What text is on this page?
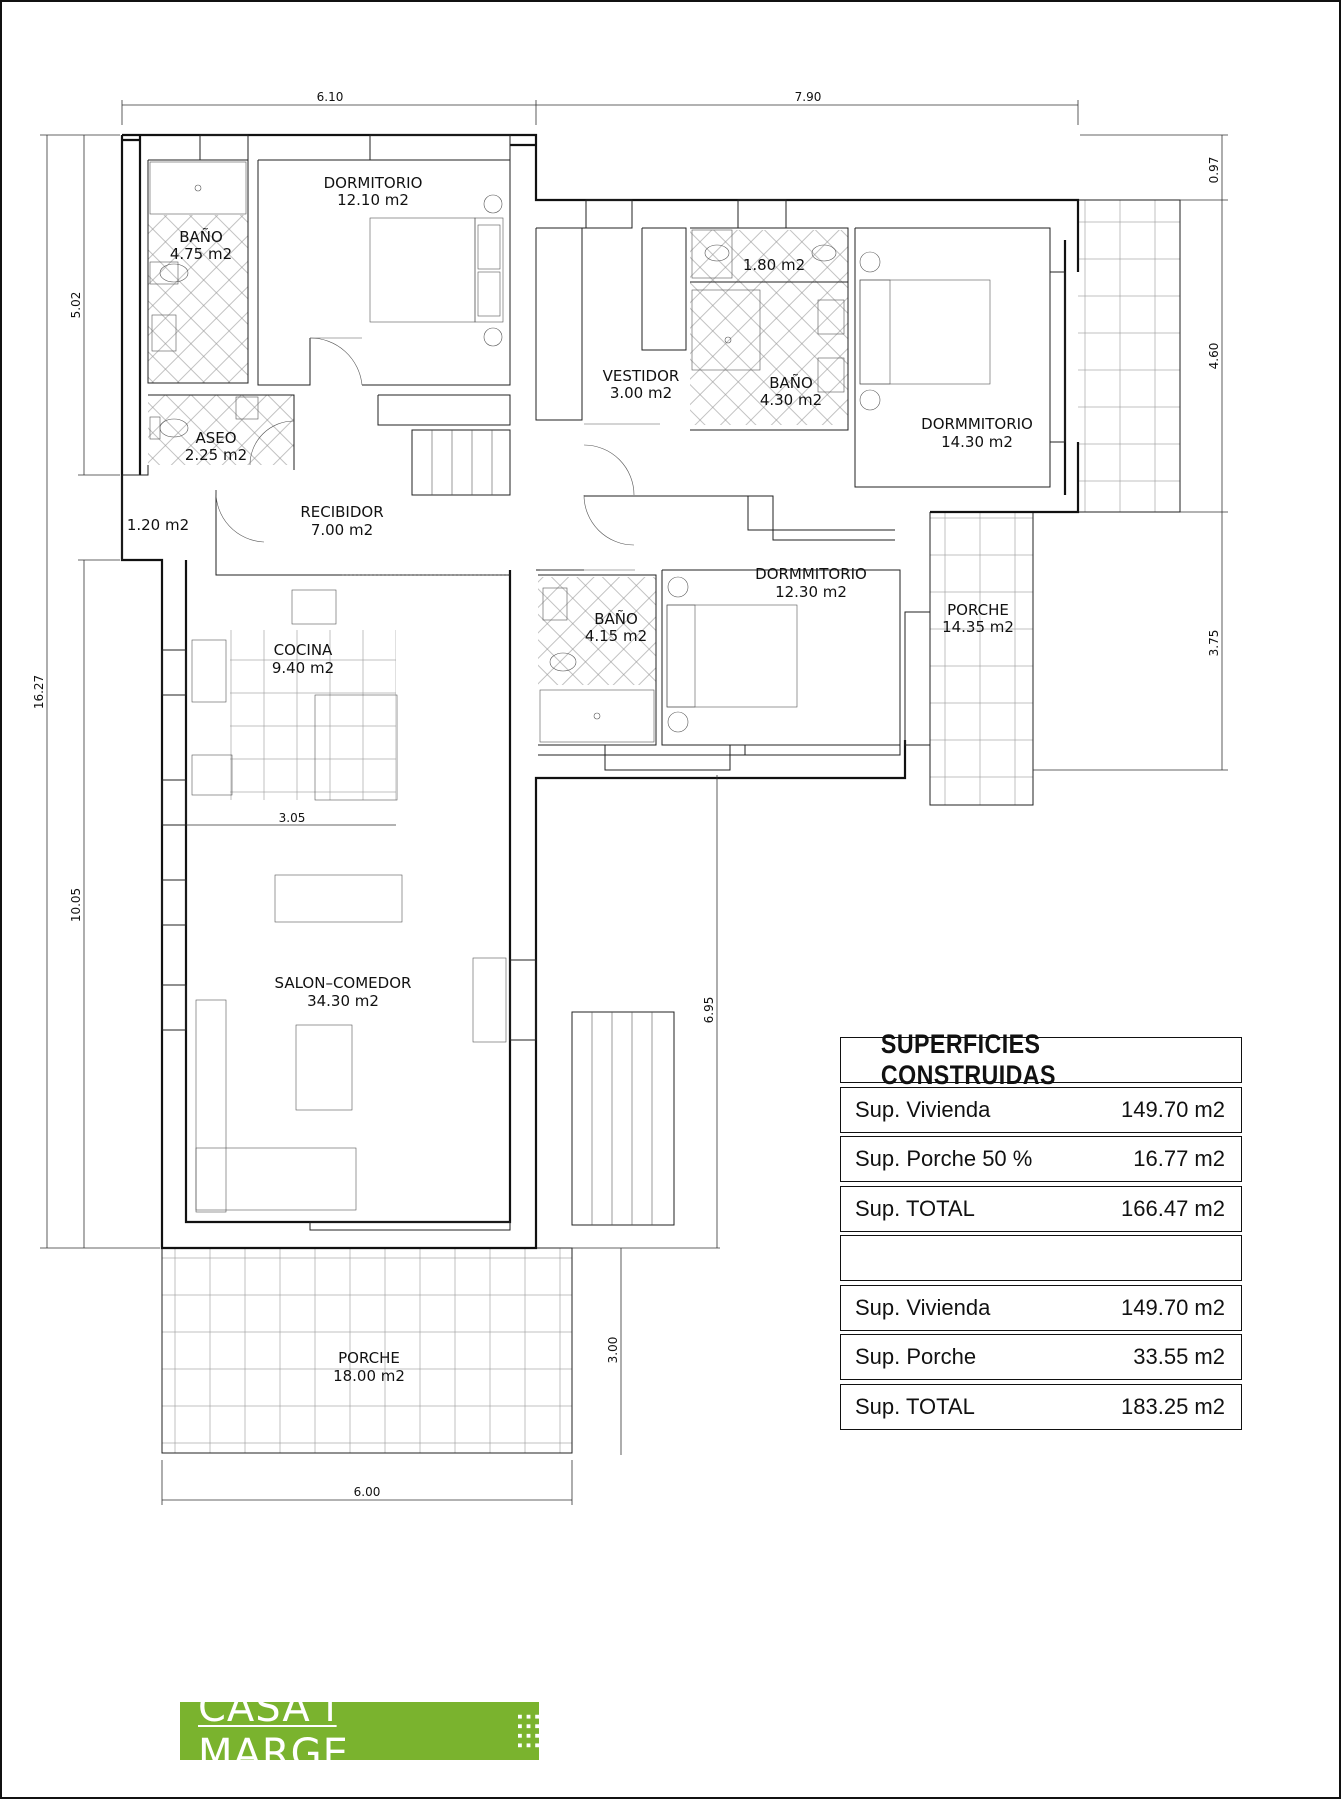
6.10	7.90
0.97
4.60
3.75
16.27
5.02
10.05
3.05
6.95
3.00
6.00
DORMITORIO
12.10 m2
BAÑO
4.75 m2
ASEO
2.25 m2
1.20 m2
RECIBIDOR
7.00 m2
VESTIDOR
3.00 m2
1.80 m2
BAÑO
4.30 m2
DORMMITORIO
14.30 m2
DORMMITORIO
12.30 m2
BAÑO
4.15 m2
PORCHE
14.35 m2
COCINA
9.40 m2
SALON–COMEDOR
34.30 m2
PORCHE
18.00 m2
SUPERFICIES CONSTRUIDAS
Sup. Vivienda	149.70 m2
Sup. Porche 50 %	16.77 m2
Sup. TOTAL	166.47 m2
Sup. Vivienda	149.70 m2
Sup. Porche	33.55 m2
Sup. TOTAL	183.25 m2
CASA i MARGE
